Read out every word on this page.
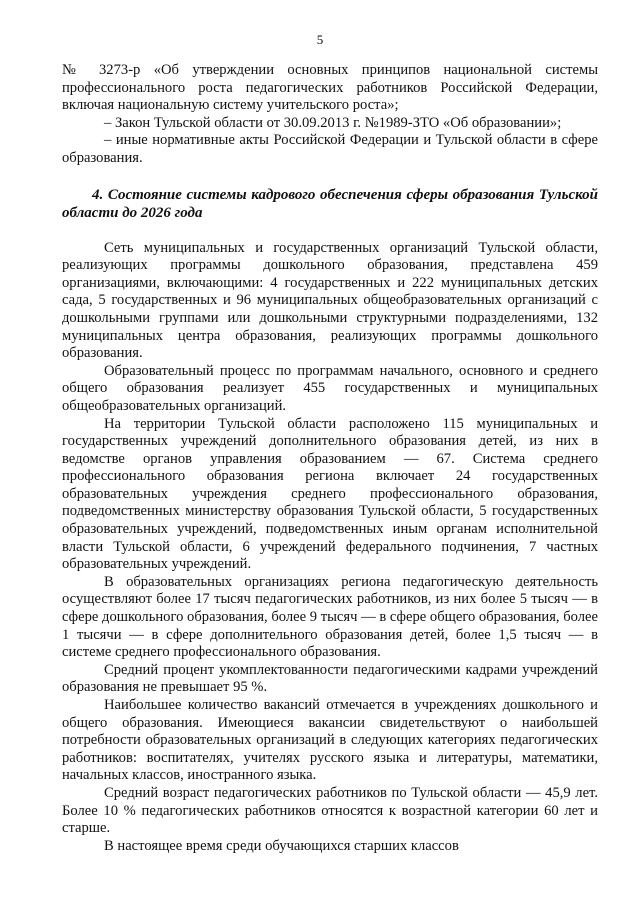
5

№ 3273-р «Об утверждении основных принципов национальной системы профессионального роста педагогических работников Российской Федерации, включая национальную систему учительского роста»;

– Закон Тульской области от 30.09.2013 г. №1989-ЗТО «Об образовании»;

– иные нормативные акты Российской Федерации и Тульской области в сфере образования.

4. Состояние системы кадрового обеспечения сферы образования Тульской области до 2026 года

Сеть муниципальных и государственных организаций Тульской области, реализующих программы дошкольного образования, представлена 459 организациями, включающими: 4 государственных и 222 муниципальных детских сада, 5 государственных и 96 муниципальных общеобразовательных организаций с дошкольными группами или дошкольными структурными подразделениями, 132 муниципальных центра образования, реализующих программы дошкольного образования.

Образовательный процесс по программам начального, основного и среднего общего образования реализует 455 государственных и муниципальных общеобразовательных организаций.

На территории Тульской области расположено 115 муниципальных и государственных учреждений дополнительного образования детей, из них в ведомстве органов управления образованием — 67. Система среднего профессионального образования региона включает 24 государственных образовательных учреждения среднего профессионального образования, подведомственных министерству образования Тульской области, 5 государственных образовательных учреждений, подведомственных иным органам исполнительной власти Тульской области, 6 учреждений федерального подчинения, 7 частных образовательных учреждений.

В образовательных организациях региона педагогическую деятельность осуществляют более 17 тысяч педагогических работников, из них более 5 тысяч — в сфере дошкольного образования, более 9 тысяч — в сфере общего образования, более 1 тысячи — в сфере дополнительного образования детей, более 1,5 тысяч — в системе среднего профессионального образования.

Средний процент укомплектованности педагогическими кадрами учреждений образования не превышает 95 %.

Наибольшее количество вакансий отмечается в учреждениях дошкольного и общего образования. Имеющиеся вакансии свидетельствуют о наибольшей потребности образовательных организаций в следующих категориях педагогических работников: воспитателях, учителях русского языка и литературы, математики, начальных классов, иностранного языка.

Средний возраст педагогических работников по Тульской области — 45,9 лет. Более 10 % педагогических работников относятся к возрастной категории 60 лет и старше.

В настоящее время среди обучающихся старших классов
